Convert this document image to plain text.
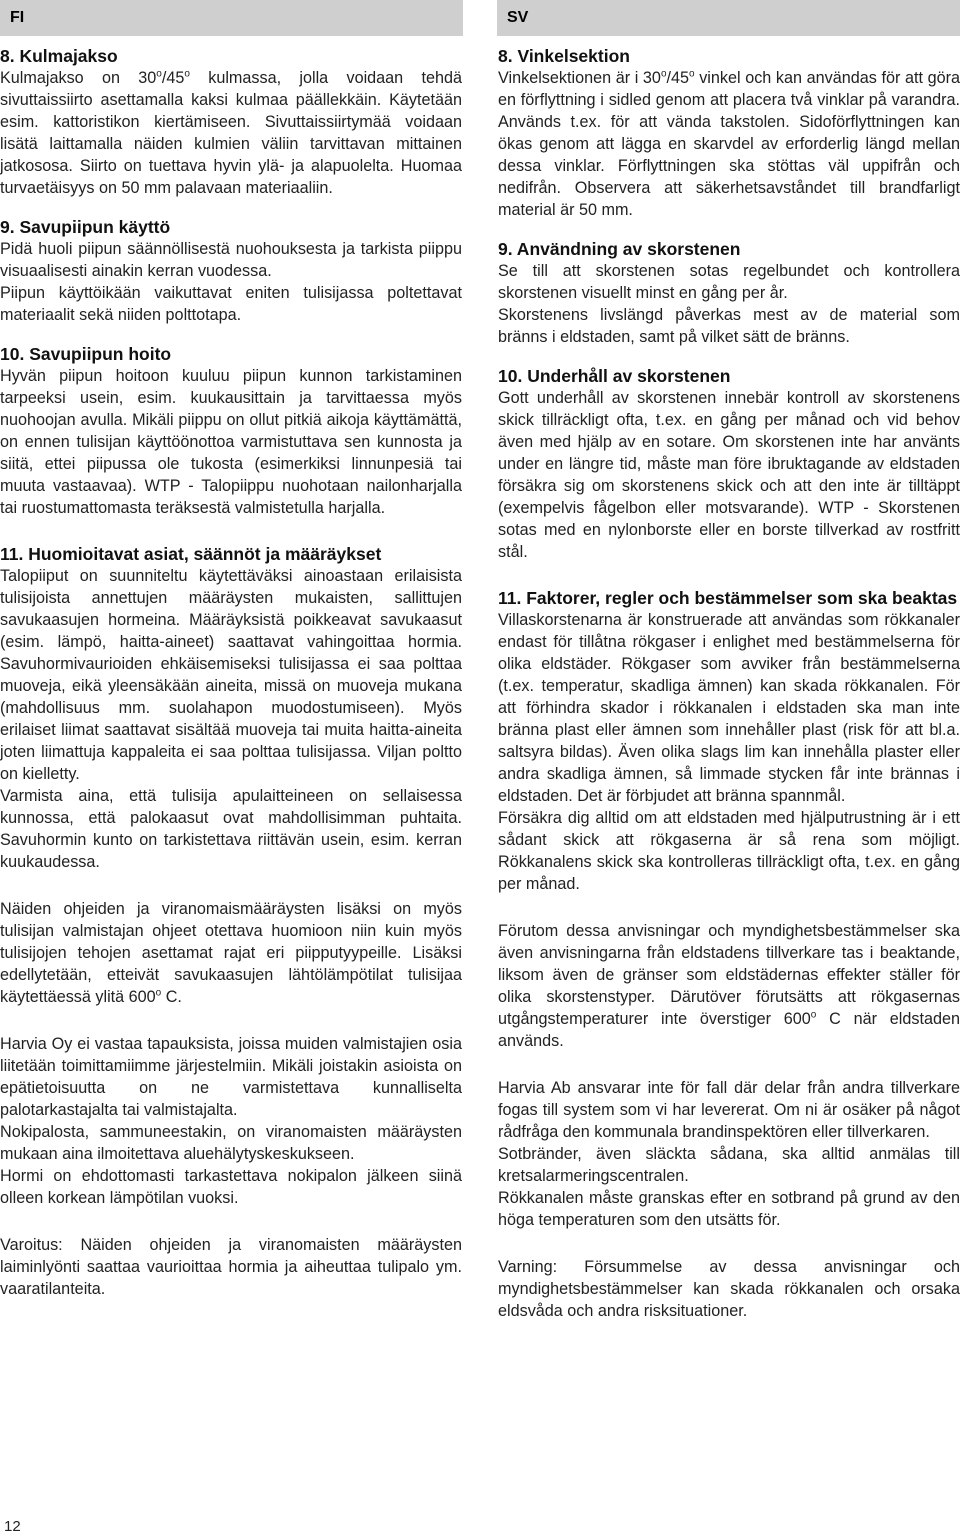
FI	SV
8. Kulmajakso

Kulmajakso on 30$^o$/45$^o$ kulmassa, jolla voidaan tehdä sivuttaissiirto asettamalla kaksi kulmaa päällekkäin. Käytetään esim. kattoristikon kiertämiseen. Sivuttaissiirtymää voidaan lisätä laittamalla näiden kulmien väliin tarvittavan mittainen jatkososa. Siirto on tuettava hyvin ylä- ja alapuolelta. Huomaa turvaetäisyys on 50 mm palavaan materiaaliin.

9. Savupiipun käyttö

Pidä huoli piipun säännöllisestä nuohouksesta ja tarkista piippu visuaalisesti ainakin kerran vuodessa.

Piipun käyttöikään vaikuttavat eniten tulisijassa poltettavat materiaalit sekä niiden polttotapa.

10. Savupiipun hoito

Hyvän piipun hoitoon kuuluu piipun kunnon tarkistaminen tarpeeksi usein, esim. kuukausittain ja tarvittaessa myös nuohoojan avulla. Mikäli piippu on ollut pitkiä aikoja käyttämättä, on ennen tulisijan käyttöönottoa varmistuttava sen kunnosta ja siitä, ettei piipussa ole tukosta (esimerkiksi linnunpesiä tai muuta vastaavaa). WTP - Talopiippu nuohotaan nailonharjalla tai ruostumattomasta teräksestä valmistetulla harjalla.

11. Huomioitavat asiat, säännöt ja määräykset

Talopiiput on suunniteltu käytettäväksi ainoastaan erilaisista tulisijoista annettujen määräysten mukaisten, sallittujen savukaasujen hormeina. Määräyksistä poikkeavat savukaasut (esim. lämpö, haitta-aineet) saattavat vahingoittaa hormia. Savuhormivaurioiden ehkäisemiseksi tulisijassa ei saa polttaa muoveja, eikä yleensäkään aineita, missä on muoveja mukana (mahdollisuus mm. suolahapon muodostumiseen). Myös erilaiset liimat saattavat sisältää muoveja tai muita haitta-aineita joten liimattuja kappaleita ei saa polttaa tulisijassa. Viljan poltto on kielletty.

Varmista aina, että tulisija apulaitteineen on sellaisessa kunnossa, että palokaasut ovat mahdollisimman puhtaita. Savuhormin kunto on tarkistettava riittävän usein, esim. kerran kuukaudessa.

Näiden ohjeiden ja viranomaismääräysten lisäksi on myös tulisijan valmistajan ohjeet otettava huomioon niin kuin myös tulisijojen tehojen asettamat rajat eri piipputyypeille. Lisäksi edellytetään, etteivät savukaasujen lähtölämpötilat tulisijaa käytettäessä ylitä 600$^o$ C.

Harvia Oy ei vastaa tapauksista, joissa muiden valmistajien osia liitetään toimittamiimme järjestelmiin. Mikäli joistakin asioista on epätietoisuutta on ne varmistettava kunnalliselta palotarkastajalta tai valmistajalta.

Nokipalosta, sammuneestakin, on viranomaisten määräysten mukaan aina ilmoitettava aluehälytyskeskukseen.

Hormi on ehdottomasti tarkastettava nokipalon jälkeen siinä olleen korkean lämpötilan vuoksi.

Varoitus: Näiden ohjeiden ja viranomaisten määräysten laiminlyönti saattaa vaurioittaa hormia ja aiheuttaa tulipalo ym. vaaratilanteita.

8. Vinkelsektion

Vinkelsektionen är i 30$^o$/45$^o$ vinkel och kan användas för att göra en förflyttning i sidled genom att placera två vinklar på varandra. Används t.ex. för att vända takstolen. Sidoförflyttningen kan ökas genom att lägga en skarvdel av erforderlig längd mellan dessa vinklar. Förflyttningen ska stöttas väl uppifrån och nedifrån. Observera att säkerhetsavståndet till brandfarligt material är 50 mm.

9. Användning av skorstenen

Se till att skorstenen sotas regelbundet och kontrollera skorstenen visuellt minst en gång per år.

Skorstenens livslängd påverkas mest av de material som bränns i eldstaden, samt på vilket sätt de bränns.

10. Underhåll av skorstenen

Gott underhåll av skorstenen innebär kontroll av skorstenens skick tillräckligt ofta, t.ex. en gång per månad och vid behov även med hjälp av en sotare. Om skorstenen inte har använts under en längre tid, måste man före ibruktagande av eldstaden försäkra sig om skorstenens skick och att den inte är tilltäppt (exempelvis fågelbon eller motsvarande). WTP - Skorstenen sotas med en nylonborste eller en borste tillverkad av rostfritt stål.

11. Faktorer, regler och bestämmelser som ska beaktas

Villaskorstenarna är konstruerade att användas som rökkanaler endast för tillåtna rökgaser i enlighet med bestämmelserna för olika eldstäder. Rökgaser som avviker från bestämmelserna (t.ex. temperatur, skadliga ämnen) kan skada rökkanalen. För att förhindra skador i rökkanalen i eldstaden ska man inte bränna plast eller ämnen som innehåller plast (risk för att bl.a. saltsyra bildas). Även olika slags lim kan innehålla plaster eller andra skadliga ämnen, så limmade stycken får inte brännas i eldstaden. Det är förbjudet att bränna spannmål.

Försäkra dig alltid om att eldstaden med hjälputrustning är i ett sådant skick att rökgaserna är så rena som möjligt. Rökkanalens skick ska kontrolleras tillräckligt ofta, t.ex. en gång per månad.

Förutom dessa anvisningar och myndighetsbestämmelser ska även anvisningarna från eldstadens tillverkare tas i beaktande, liksom även de gränser som eldstädernas effekter ställer för olika skorstenstyper. Därutöver förutsätts att rökgasernas utgångstemperaturer inte överstiger 600$^o$ C när eldstaden används.

Harvia Ab ansvarar inte för fall där delar från andra tillverkare fogas till system som vi har levererat. Om ni är osäker på något rådfråga den kommunala brandinspektören eller tillverkaren.

Sotbränder, även släckta sådana, ska alltid anmälas till kretsalarmeringscentralen.

Rökkanalen måste granskas efter en sotbrand på grund av den höga temperaturen som den utsätts för.

Varning: Försummelse av dessa anvisningar och myndighetsbestämmelser kan skada rökkanalen och orsaka eldsvåda och andra risksituationer.

12
